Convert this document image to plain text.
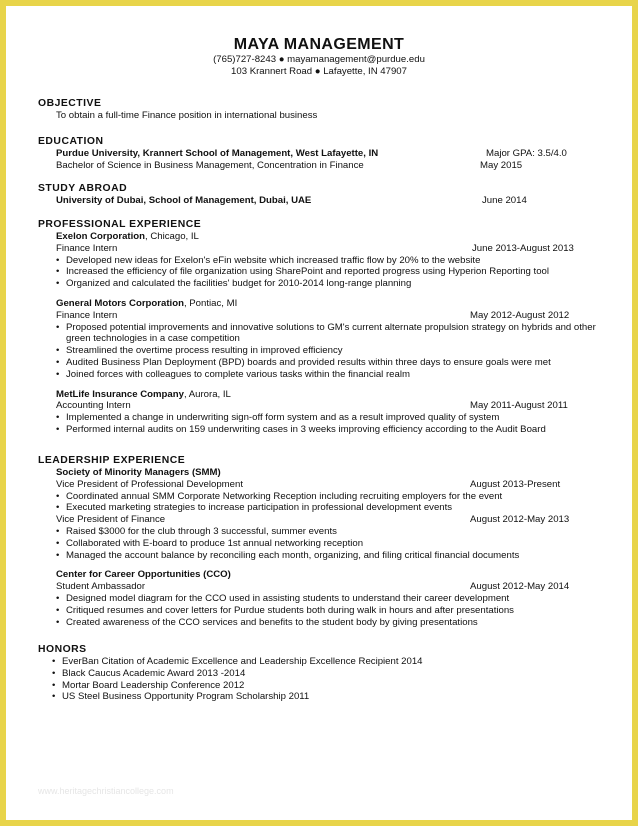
MAYA MANAGEMENT
(765)727-8243 ● mayamanagement@purdue.edu
103 Krannert Road ● Lafayette, IN 47907
OBJECTIVE
To obtain a full-time Finance position in international business
EDUCATION
Purdue University, Krannert School of Management, West Lafayette, IN	Major GPA: 3.5/4.0
Bachelor of Science in Business Management, Concentration in Finance	May 2015
STUDY ABROAD
University of Dubai, School of Management, Dubai, UAE	June 2014
PROFESSIONAL EXPERIENCE
Exelon Corporation, Chicago, IL
Finance Intern	June 2013-August 2013
• Developed new ideas for Exelon's eFin website which increased traffic flow by 20% to the website
• Increased the efficiency of file organization using SharePoint and reported progress using Hyperion Reporting tool
• Organized and calculated the facilities' budget for 2010-2014 long-range planning
General Motors Corporation, Pontiac, MI
Finance Intern	May 2012-August 2012
• Proposed potential improvements and innovative solutions to GM's current alternate propulsion strategy on hybrids and other green technologies in a case competition
• Streamlined the overtime process resulting in improved efficiency
• Audited Business Plan Deployment (BPD) boards and provided results within three days to ensure goals were met
• Joined forces with colleagues to complete various tasks within the financial realm
MetLife Insurance Company, Aurora, IL
Accounting Intern	May 2011-August 2011
• Implemented a change in underwriting sign-off form system and as a result improved quality of system
• Performed internal audits on 159 underwriting cases in 3 weeks improving efficiency according to the Audit Board
LEADERSHIP EXPERIENCE
Society of Minority Managers (SMM)
Vice President of Professional Development	August 2013-Present
• Coordinated annual SMM Corporate Networking Reception including recruiting employers for the event
• Executed marketing strategies to increase participation in professional development events
Vice President of Finance	August 2012-May 2013
• Raised $3000 for the club through 3 successful, summer events
• Collaborated with E-board to produce 1st annual networking reception
• Managed the account balance by reconciling each month, organizing, and filing critical financial documents
Center for Career Opportunities (CCO)
Student Ambassador	August 2012-May 2014
• Designed model diagram for the CCO used in assisting students to understand their career development
• Critiqued resumes and cover letters for Purdue students both during walk in hours and after presentations
• Created awareness of the CCO services and benefits to the student body by giving presentations
HONORS
• EverBan Citation of Academic Excellence and Leadership Excellence Recipient 2014
• Black Caucus Academic Award 2013 -2014
• Mortar Board Leadership Conference 2012
• US Steel Business Opportunity Program Scholarship 2011
www.heritagechristiancollege.com
